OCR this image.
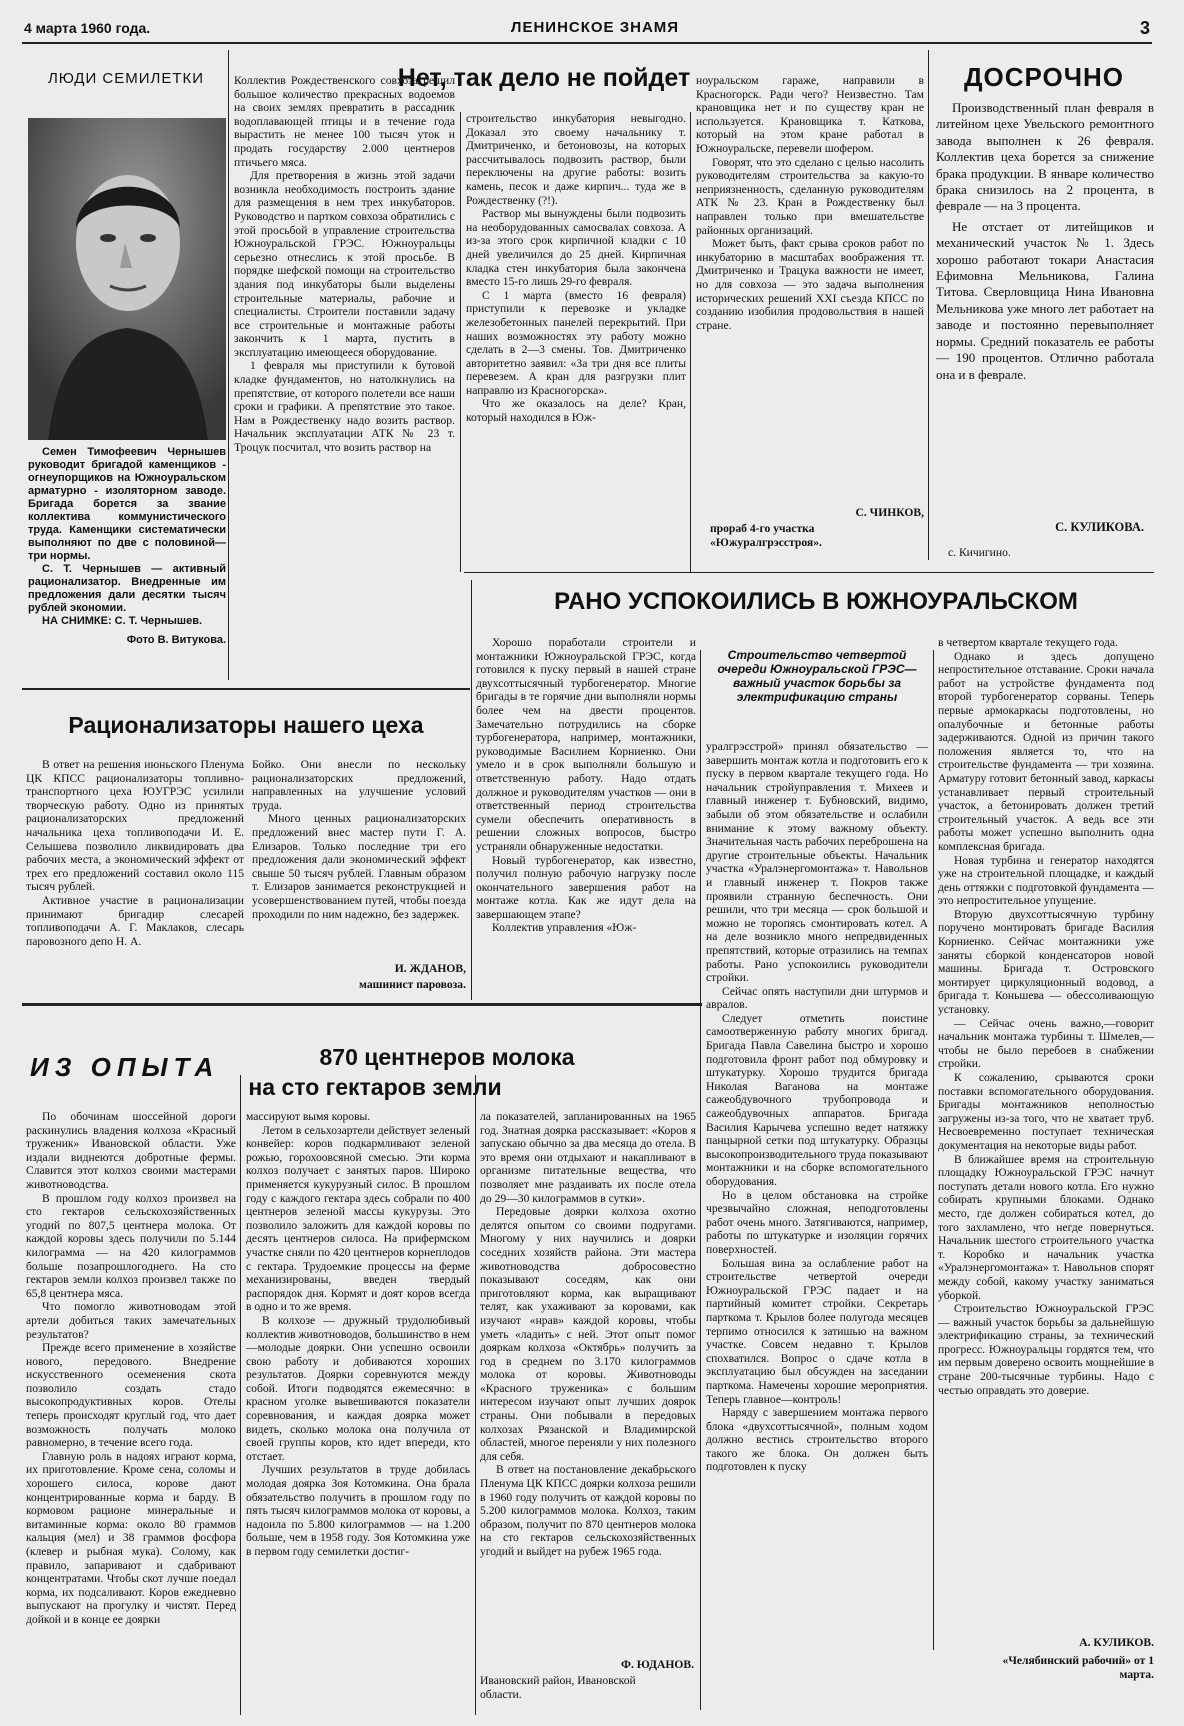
4 марта 1960 года.	ЛЕНИНСКОЕ ЗНАМЯ	3
ЛЮДИ СЕМИЛЕТКИ

Семен Тимофеевич Чернышев руководит бригадой каменщиков - огнеупорщиков на Южноуральском арматурно - изоляторном заводе. Бригада борется за звание коллектива коммунистического труда. Каменщики систематически выполняют по две с половиной—три нормы.

С. Т. Чернышев — активный рационализатор. Внедренные им предложения дали десятки тысяч рублей экономии.

НА СНИМКЕ: С. Т. Чернышев.

Фото В. Витукова.
Нет, так дело не пойдет

Коллектив Рождественского совхоза решил большое количество прекрасных водоемов на своих землях превратить в рассадник водоплавающей птицы и в течение года вырастить не менее 100 тысяч уток и продать государству 2.000 центнеров птичьего мяса.

Для претворения в жизнь этой задачи возникла необходимость построить здание для размещения в нем трех инкубаторов. Руководство и партком совхоза обратились с этой просьбой в управление строительства Южноуральской ГРЭС. Южноуральцы серьезно отнеслись к этой просьбе. В порядке шефской помощи на строительство здания под инкубаторы были выделены строительные материалы, рабочие и специалисты. Строители поставили задачу все строительные и монтажные работы закончить к 1 марта, пустить в эксплуатацию имеющееся оборудование.

1 февраля мы приступили к бутовой кладке фундаментов, но натолкнулись на препятствие, от которого полетели все наши сроки и графики. А препятствие это такое. Нам в Рождественку надо возить раствор. Начальник эксплуатации АТК № 23 т. Троцук посчитал, что возить раствор на

строительство инкубатория невыгодно. Доказал это своему начальнику т. Дмитриченко, и бетоновозы, на которых рассчитывалось подвозить раствор, были переключены на другие работы: возить камень, песок и даже кирпич... туда же в Рождественку (?!).

Раствор мы вынуждены были подвозить на необорудованных самосвалах совхоза. А из-за этого срок кирпичной кладки с 10 дней увеличился до 25 дней. Кирпичная кладка стен инкубатория была закончена вместо 15-го лишь 29-го февраля.

С 1 марта (вместо 16 февраля) приступили к перевозке и укладке железобетонных панелей перекрытий. При наших возможностях эту работу можно сделать в 2—3 смены. Тов. Дмитриченко авторитетно заявил: «За три дня все плиты перевезем. А кран для разгрузки плит направлю из Красногорска».

Что же оказалось на деле? Кран, который находился в Юж-

ноуральском гараже, направили в Красногорск. Ради чего? Неизвестно. Там крановщика нет и по существу кран не используется. Крановщика т. Каткова, который на этом кране работал в Южноуральске, перевели шофером.

Говорят, что это сделано с целью насолить руководителям строительства за какую-то неприязненность, сделанную руководителям АТК № 23. Кран в Рождественку был направлен только при вмешательстве районных организаций.

Может быть, факт срыва сроков работ по инкубаторию в масштабах воображения тт. Дмитриченко и Трацука важности не имеет, но для совхоза — это задача выполнения исторических решений XXI съезда КПСС по созданию изобилия продовольствия в нашей стране.

С. ЧИНКОВ,
прораб 4-го участка «Южуралгрэсстроя».
ДОСРОЧНО

Производственный план февраля в литейном цехе Увельского ремонтного завода выполнен к 26 февраля. Коллектив цеха борется за снижение брака продукции. В январе количество брака снизилось на 2 процента, в феврале — на 3 процента.

Не отстает от литейщиков и механический участок № 1. Здесь хорошо работают токари Анастасия Ефимовна Мельникова, Галина Титова. Сверловщица Нина Ивановна Мельникова уже много лет работает на заводе и постоянно перевыполняет нормы. Средний показатель ее работы — 190 процентов. Отлично работала она и в феврале.

С. КУЛИКОВА.
с. Кичигино.
РАНО УСПОКОИЛИСЬ В ЮЖНОУРАЛЬСКОМ

Хорошо поработали строители и монтажники Южноуральской ГРЭС, когда готовился к пуску первый в нашей стране двухсоттысячный турбогенератор. Многие бригады в те горячие дни выполняли нормы более чем на двести процентов. Замечательно потрудились на сборке турбогенератора, например, монтажники, руководимые Василием Корниенко. Они умело и в срок выполняли большую и ответственную работу. Надо отдать должное и руководителям участков — они в ответственный период строительства сумели обеспечить оперативность в решении сложных вопросов, быстро устраняли обнаруженные недостатки.

Новый турбогенератор, как известно, получил полную рабочую нагрузку после окончательного завершения работ на монтаже котла. Как же идут дела на завершающем этапе?

Коллектив управления «Юж-

Строительство четвертой очереди Южноуральской ГРЭС—важный участок борьбы за электрификацию страны

уралгрэсстрой» принял обязательство — завершить монтаж котла и подготовить его к пуску в первом квартале текущего года. Но начальник стройуправления т. Михеев и главный инженер т. Бубновский, видимо, забыли об этом обязательстве и ослабили внимание к этому важному объекту. Значительная часть рабочих переброшена на другие строительные объекты. Начальник участка «Уралэнергомонтажа» т. Навольнов и главный инженер т. Покров также проявили странную беспечность. Они решили, что три месяца — срок большой и можно не торопясь смонтировать котел. А на деле возникло много непредвиденных препятствий, которые отразились на темпах работы. Рано успокоились руководители стройки.

Сейчас опять наступили дни штурмов и авралов.

Следует отметить поистине самоотверженную работу многих бригад. Бригада Павла Савелина быстро и хорошо подготовила фронт работ под обмуровку и штукатурку. Хорошо трудится бригада Николая Ваганова на монтаже сажеобдувочного трубопровода и сажеобдувочных аппаратов. Бригада Василия Карычева успешно ведет натяжку панцырной сетки под штукатурку. Образцы высокопроизводительного труда показывают монтажники и на сборке вспомогательного оборудования.

Но в целом обстановка на стройке чрезвычайно сложная, неподготовлены работ очень много. Затягиваются, например, работы по штукатурке и изоляции горячих поверхностей.

Большая вина за ослабление работ на строительстве четвертой очереди Южноуральской ГРЭС падает и на партийный комитет стройки. Секретарь парткома т. Крылов более полугода месяцев терпимо относился к затишью на важном участке. Совсем недавно т. Крылов спохватился. Вопрос о сдаче котла в эксплуатацию был обсужден на заседании парткома. Намечены хорошие мероприятия. Теперь главное—контроль!

Наряду с завершением монтажа первого блока «двухсоттысячной», полным ходом должно вестись строительство второго такого же блока. Он должен быть подготовлен к пуску

в четвертом квартале текущего года.

Однако и здесь допущено непростительное отставание. Сроки начала работ на устройстве фундамента под второй турбогенератор сорваны. Теперь первые армокаркасы подготовлены, но опалубочные и бетонные работы задерживаются. Одной из причин такого положения является то, что на строительстве фундамента — три хозяина. Арматуру готовит бетонный завод, каркасы устанавливает первый строительный участок, а бетонировать должен третий строительный участок. А ведь все эти работы может успешно выполнить одна комплексная бригада.

Новая турбина и генератор находятся уже на строительной площадке, и каждый день оттяжки с подготовкой фундамента — это непростительное упущение.

Вторую двухсоттысячную турбину поручено монтировать бригаде Василия Корниенко. Сейчас монтажники уже заняты сборкой конденсаторов новой машины. Бригада т. Островского монтирует циркуляционный водовод, а бригада т. Коньшева — обессоливающую установку.

— Сейчас очень важно,—говорит начальник монтажа турбины т. Шмелев,—чтобы не было перебоев в снабжении стройки.

К сожалению, срываются сроки поставки вспомогательного оборудования. Бригады монтажников неполностью загружены из-за того, что не хватает труб. Несвоевременно поступает техническая документация на некоторые виды работ.

В ближайшее время на строительную площадку Южноуральской ГРЭС начнут поступать детали нового котла. Его нужно собирать крупными блоками. Однако место, где должен собираться котел, до того захламлено, что негде повернуться. Начальник шестого строительного участка т. Коробко и начальник участка «Уралэнергомонтажа» т. Навольнов спорят между собой, какому участку заниматься уборкой.

Строительство Южноуральской ГРЭС — важный участок борьбы за дальнейшую электрификацию страны, за технический прогресс. Южноуральцы гордятся тем, что им первым доверено освоить мощнейшие в стране 200-тысячные турбины. Надо с честью оправдать это доверие.

А. КУЛИКОВ.
«Челябинский рабочий» от 1 марта.
Рационализаторы нашего цеха

В ответ на решения июньского Пленума ЦК КПСС рационализаторы топливно-транспортного цеха ЮУГРЭС усилили творческую работу. Одно из принятых рационализаторских предложений начальника цеха топливоподачи И. Е. Селышева позволило ликвидировать два рабочих места, а экономический эффект от трех его предложений составил около 115 тысяч рублей.

Активное участие в рационализации принимают бригадир слесарей топливоподачи А. Г. Маклаков, слесарь паровозного депо Н. А.

Бойко. Они внесли по нескольку рационализаторских предложений, направленных на улучшение условий труда.

Много ценных рационализаторских предложений внес мастер пути Г. А. Елизаров. Только последние три его предложения дали экономический эффект свыше 50 тысяч рублей. Главным образом т. Елизаров занимается реконструкцией и усовершенствованием путей, чтобы поезда проходили по ним надежно, без задержек.

И. ЖДАНОВ,
машинист паровоза.
ИЗ ОПЫТА	870 центнеров молока
на сто гектаров земли

По обочинам шоссейной дороги раскинулись владения колхоза «Красный труженик» Ивановской области. Уже издали виднеются добротные фермы. Славится этот колхоз своими мастерами животноводства.

В прошлом году колхоз произвел на сто гектаров сельскохозяйственных угодий по 807,5 центнера молока. От каждой коровы здесь получили по 5.144 килограмма — на 420 килограммов больше позапрошлогоднего. На сто гектаров земли колхоз произвел также по 65,8 центнера мяса.

Что помогло животноводам этой артели добиться таких замечательных результатов?

Прежде всего применение в хозяйстве нового, передового. Внедрение искусственного осеменения скота позволило создать стадо высокопродуктивных коров. Отелы теперь происходят круглый год, что дает возможность получать молоко равномерно, в течение всего года.

Главную роль в надоях играют корма, их приготовление. Кроме сена, соломы и хорошего силоса, корове дают концентрированные корма и барду. В кормовом рационе минеральные и витаминные корма: около 80 граммов кальция (мел) и 38 граммов фосфора (клевер и рыбная мука). Солому, как правило, запаривают и сдабривают концентратами. Чтобы скот лучше поедал корма, их подсаливают. Коров ежедневно выпускают на прогулку и чистят. Перед дойкой и в конце ее доярки

массируют вымя коровы.

Летом в сельхозартели действует зеленый конвейер: коров подкармливают зеленой рожью, горохоовсяной смесью. Эти корма колхоз получает с занятых паров. Широко применяется кукурузный силос. В прошлом году с каждого гектара здесь собрали по 400 центнеров зеленой массы кукурузы. Это позволило заложить для каждой коровы по десять центнеров силоса. На прифермском участке сняли по 420 центнеров корнеплодов с гектара. Трудоемкие процессы на ферме механизированы, введен твердый распорядок дня. Кормят и доят коров всегда в одно и то же время.

В колхозе — дружный трудолюбивый коллектив животноводов, большинство в нем—молодые доярки. Они успешно освоили свою работу и добиваются хороших результатов. Доярки соревнуются между собой. Итоги подводятся ежемесячно: в красном уголке вывешиваются показатели соревнования, и каждая доярка может видеть, сколько молока она получила от своей группы коров, кто идет впереди, кто отстает.

Лучших результатов в труде добилась молодая доярка Зоя Котомкина. Она брала обязательство получить в прошлом году по пять тысяч килограммов молока от коровы, а надоила по 5.800 килограммов — на 1.200 больше, чем в 1958 году. Зоя Котомкина уже в первом году семилетки достиг-

ла показателей, запланированных на 1965 год. Знатная доярка рассказывает: «Коров я запускаю обычно за два месяца до отела. В это время они отдыхают и накапливают в организме питательные вещества, что позволяет мне раздаивать их после отела до 29—30 килограммов в сутки».

Передовые доярки колхоза охотно делятся опытом со своими подругами. Многому у них научились и доярки соседних хозяйств района. Эти мастера животноводства добросовестно показывают соседям, как они приготовляют корма, как выращивают телят, как ухаживают за коровами, как изучают «нрав» каждой коровы, чтобы уметь «ладить» с ней. Этот опыт помог дояркам колхоза «Октябрь» получить за год в среднем по 3.170 килограммов молока от коровы. Животноводы «Красного труженика» с большим интересом изучают опыт лучших доярок страны. Они побывали в передовых колхозах Рязанской и Владимирской областей, многое переняли у них полезного для себя.

В ответ на постановление декабрьского Пленума ЦК КПСС доярки колхоза решили в 1960 году получить от каждой коровы по 5.200 килограммов молока. Колхоз, таким образом, получит по 870 центнеров молока на сто гектаров сельскохозяйственных угодий и выйдет на рубеж 1965 года.

Ф. ЮДАНОВ.
Ивановский район, Ивановской области.
